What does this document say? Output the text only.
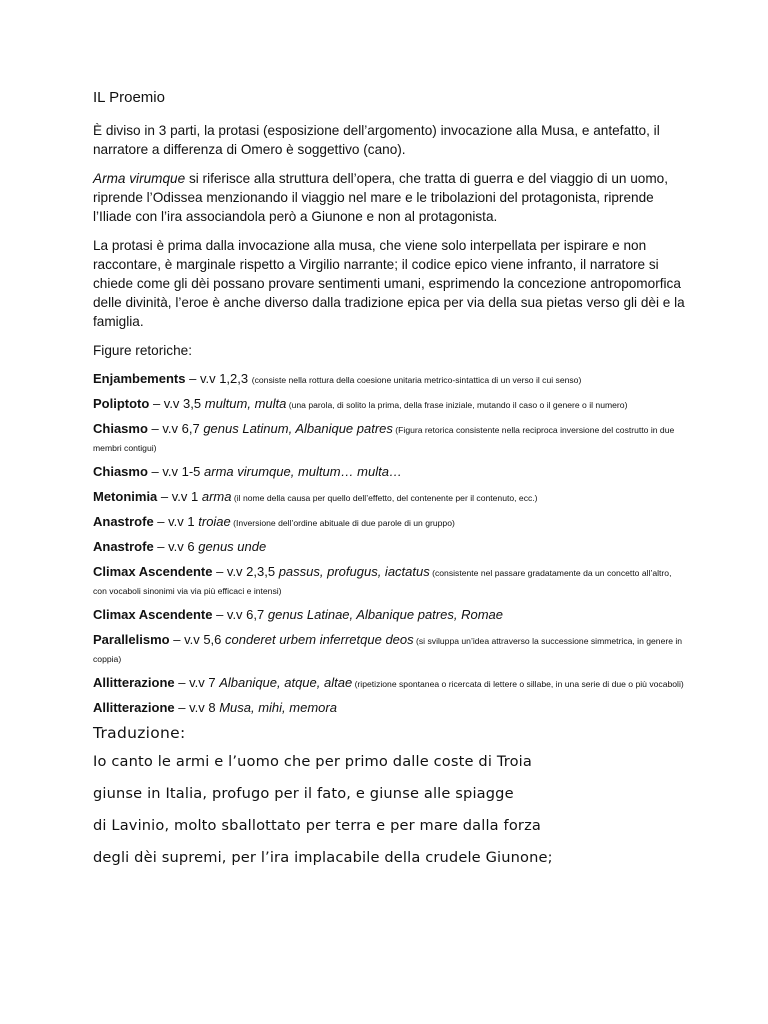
IL Proemio

È diviso in 3 parti, la protasi (esposizione dell’argomento) invocazione alla Musa, e antefatto, il narratore a differenza di Omero è soggettivo (cano).

Arma virumque si riferisce alla struttura dell’opera, che tratta di guerra e del viaggio di un uomo, riprende l’Odissea menzionando il viaggio nel mare e le tribolazioni del protagonista, riprende l’Iliade con l’ira associandola però a Giunone e non al protagonista.

La protasi è prima dalla invocazione alla musa, che viene solo interpellata per ispirare e non raccontare, è marginale rispetto a Virgilio narrante; il codice epico viene infranto, il narratore si chiede come gli dèi possano provare sentimenti umani, esprimendo la concezione antropomorfica delle divinità, l’eroe è anche diverso dalla tradizione epica per via della sua pietas verso gli dèi e la famiglia.

Figure retoriche:
Enjambements – v.v 1,2,3 (consiste nella rottura della coesione unitaria metrico-sintattica di un verso il cui senso)
Poliptoto – v.v 3,5 multum, multa (una parola, di solito la prima, della frase iniziale, mutando il caso o il genere o il numero)
Chiasmo – v.v 6,7 genus Latinum, Albanique patres (Figura retorica consistente nella reciproca inversione del costrutto in due membri contigui)
Chiasmo – v.v 1-5 arma virumque, multum… multa…
Metonimia – v.v 1 arma (il nome della causa per quello dell’effetto, del contenente per il contenuto, ecc.)
Anastrofe – v.v 1 troiae (Inversione dell’ordine abituale di due parole di un gruppo)
Anastrofe – v.v 6 genus unde
Climax Ascendente – v.v 2,3,5 passus, profugus, iactatus (consistente nel passare gradatamente da un concetto all’altro, con vocaboli sinonimi via via più efficaci e intensi)
Climax Ascendente – v.v 6,7 genus Latinae, Albanique patres, Romae
Parallelismo – v.v 5,6 conderet urbem inferretque deos (si sviluppa un’idea attraverso la successione simmetrica, in genere in coppia)
Allitterazione – v.v 7 Albanique, atque, altae (ripetizione spontanea o ricercata di lettere o sillabe, in una serie di due o più vocaboli)
Allitterazione – v.v 8 Musa, mihi, memora
Traduzione:
Io canto le armi e l’uomo che per primo dalle coste di Troia
giunse in Italia, profugo per il fato, e giunse alle spiagge
di Lavinio, molto sballottato per terra e per mare dalla forza
degli dèi supremi, per l’ira implacabile della crudele Giunone;
